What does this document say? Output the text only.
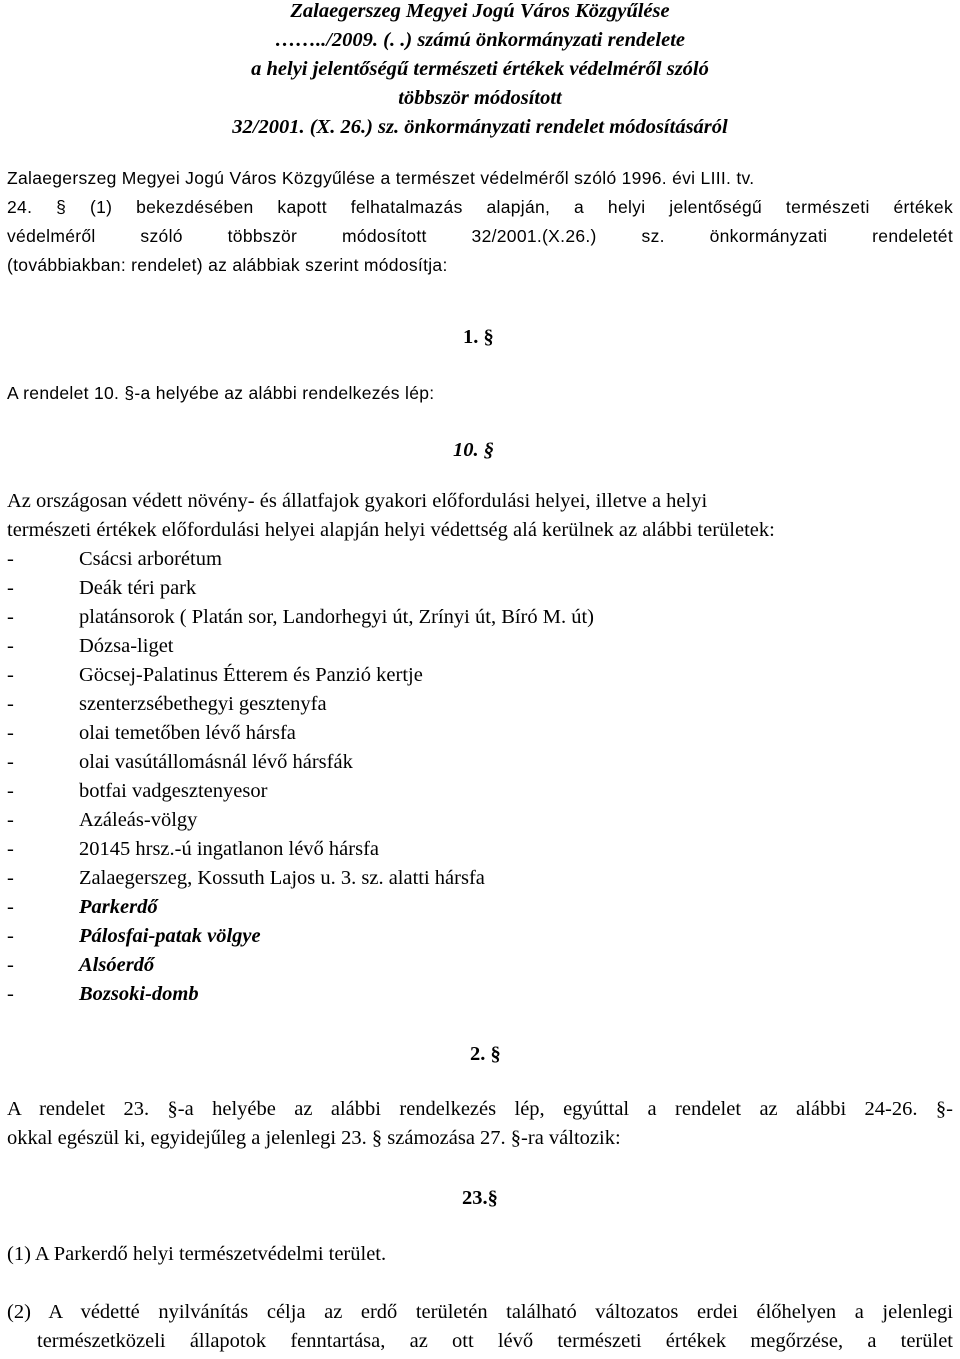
Zalaegerszeg Megyei Jogú Város Közgyűlése
……../2009. (. .) számú önkormányzati rendelete
a helyi jelentőségű természeti értékek védelméről szóló
többször módosított
32/2001. (X. 26.) sz. önkormányzati rendelet módosításáról
Zalaegerszeg Megyei Jogú Város Közgyűlése a természet védelméről szóló 1996. évi LIII. tv.
24. § (1) bekezdésében kapott felhatalmazás alapján, a helyi jelentőségű természeti értékek
védelméről szóló többször módosított 32/2001.(X.26.) sz. önkormányzati rendeletét
(továbbiakban: rendelet) az alábbiak szerint módosítja:
1. §
A rendelet 10. §-a helyébe az alábbi rendelkezés lép:
10. §
Az országosan védett növény- és állatfajok gyakori előfordulási helyei, illetve a helyi
természeti értékek előfordulási helyei alapján helyi védettség alá kerülnek az alábbi területek:
-	Csácsi arborétum
-	Deák téri park
-	platánsorok ( Platán sor, Landorhegyi út, Zrínyi út, Bíró M. út)
-	Dózsa-liget
-	Göcsej-Palatinus Étterem és Panzió kertje
-	szenterzsébethegyi gesztenyfa
-	olai temetőben lévő hársfa
-	olai vasútállomásnál lévő hársfák
-	botfai vadgesztenyesor
-	Azáleás-völgy
-	20145 hrsz.-ú ingatlanon lévő hársfa
-	Zalaegerszeg, Kossuth Lajos u. 3. sz. alatti hársfa
-	Parkerdő
-	Pálosfai-patak völgye
-	Alsóerdő
-	Bozsoki-domb
2. §
A rendelet 23. §-a helyébe az alábbi rendelkezés lép, egyúttal a rendelet az alábbi 24-26. §-
okkal egészül ki, egyidejűleg a jelenlegi 23. § számozása 27. §-ra változik:
23.§
(1) A Parkerdő helyi természetvédelmi terület.
(2) A védetté nyilvánítás célja az erdő területén található változatos erdei élőhelyen a jelenlegi
természetközeli állapotok fenntartása, az ott lévő természeti értékek megőrzése, a terület
